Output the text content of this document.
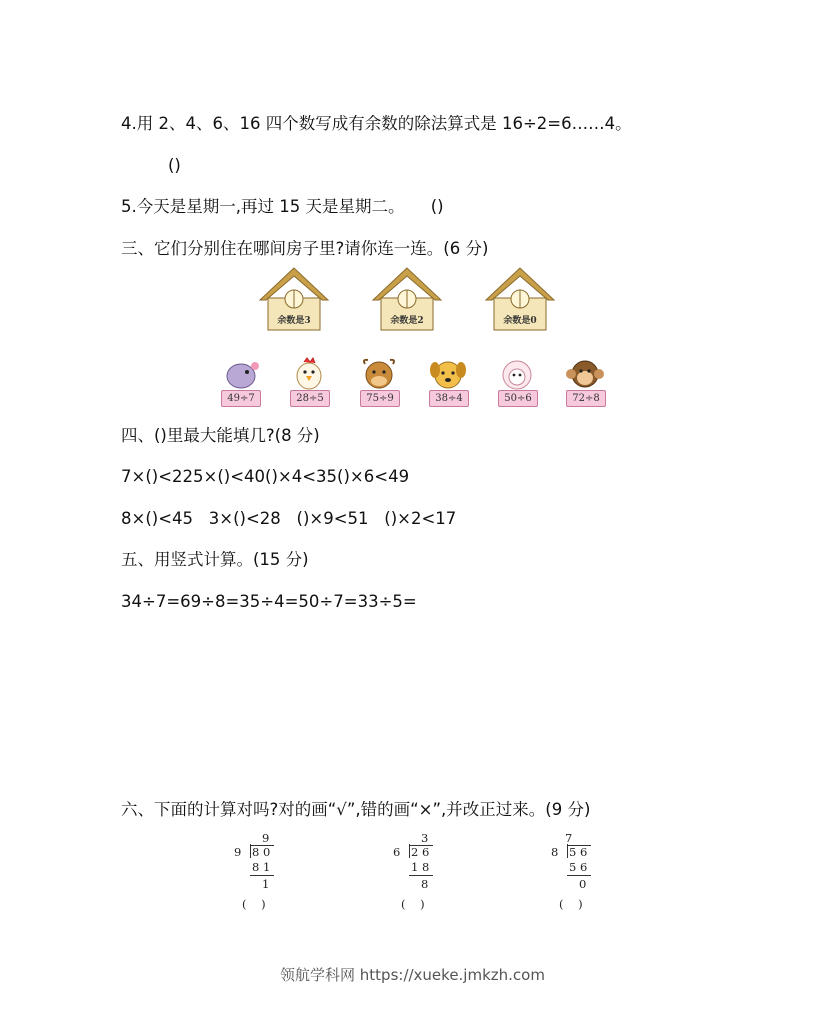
4.用 2、4、6、16 四个数写成有余数的除法算式是 16÷2=6……4。

()

5.今天是星期一,再过 15 天是星期二。     ()

三、它们分别住在哪间房子里?请你连一连。(6 分)

余数是3	余数是2	余数是0
49÷7	28÷5	75÷9	38÷4	50÷6	72÷8

四、()里最大能填几?(8 分)

7×()<225×()<40()×4<35()×6<49

8×()<45   3×()<28   ()×9<51   ()×2<17

五、用竖式计算。(15 分)

34÷7=69÷8=35÷4=50÷7=33÷5=

六、下面的计算对吗?对的画“√”,错的画“×”,并改正过来。(9 分)

9
9 8 0
8 1
1
(    )
3
6 2 6
1 8
8
(    )
7
8 5 6
5 6
0
(    )
领航学科网 https://xueke.jmkzh.com
